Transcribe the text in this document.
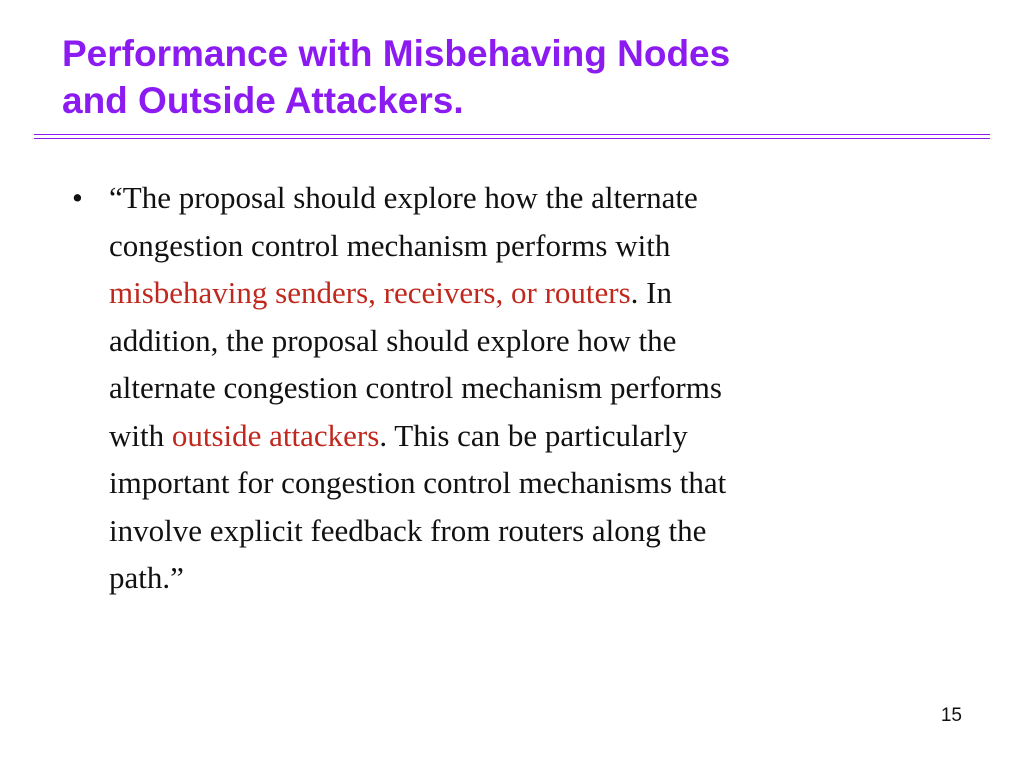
Performance with Misbehaving Nodes
and Outside Attackers.
• “The proposal should explore how the alternate
congestion control mechanism performs with
misbehaving senders, receivers, or routers. In
addition, the proposal should explore how the
alternate congestion control mechanism performs
with outside attackers. This can be particularly
important for congestion control mechanisms that
involve explicit feedback from routers along the
path.”
15
